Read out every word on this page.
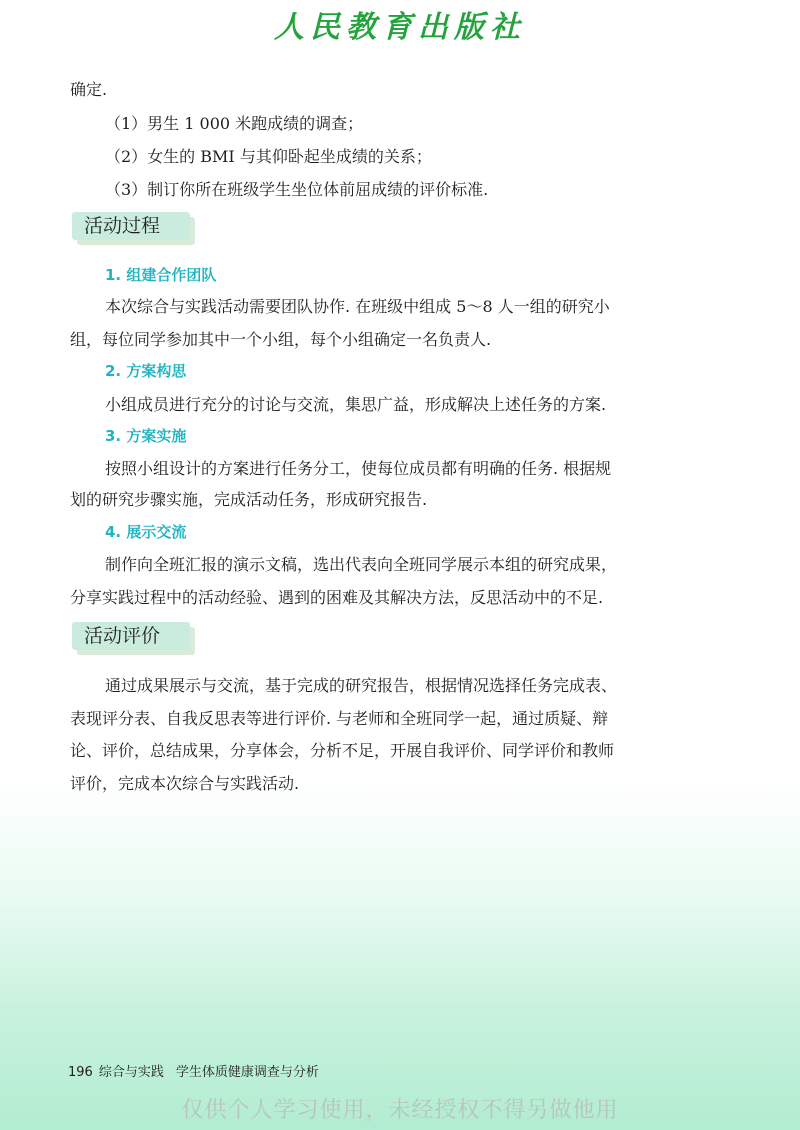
人民教育出版社
确定.
（1）男生 1 000 米跑成绩的调查；
（2）女生的 BMI 与其仰卧起坐成绩的关系；
（3）制订你所在班级学生坐位体前屈成绩的评价标准.
活动过程
1. 组建合作团队
本次综合与实践活动需要团队协作. 在班级中组成 5～8 人一组的研究小
组，每位同学参加其中一个小组，每个小组确定一名负责人.
2. 方案构思
小组成员进行充分的讨论与交流，集思广益，形成解决上述任务的方案.
3. 方案实施
按照小组设计的方案进行任务分工，使每位成员都有明确的任务. 根据规
划的研究步骤实施，完成活动任务，形成研究报告.
4. 展示交流
制作向全班汇报的演示文稿，选出代表向全班同学展示本组的研究成果，
分享实践过程中的活动经验、遇到的困难及其解决方法，反思活动中的不足.
活动评价
通过成果展示与交流，基于完成的研究报告，根据情况选择任务完成表、
表现评分表、自我反思表等进行评价. 与老师和全班同学一起，通过质疑、辩
论、评价，总结成果，分享体会，分析不足，开展自我评价、同学评价和教师
评价，完成本次综合与实践活动.
196 综合与实践 学生体质健康调查与分析
仅供个人学习使用，未经授权不得另做他用
